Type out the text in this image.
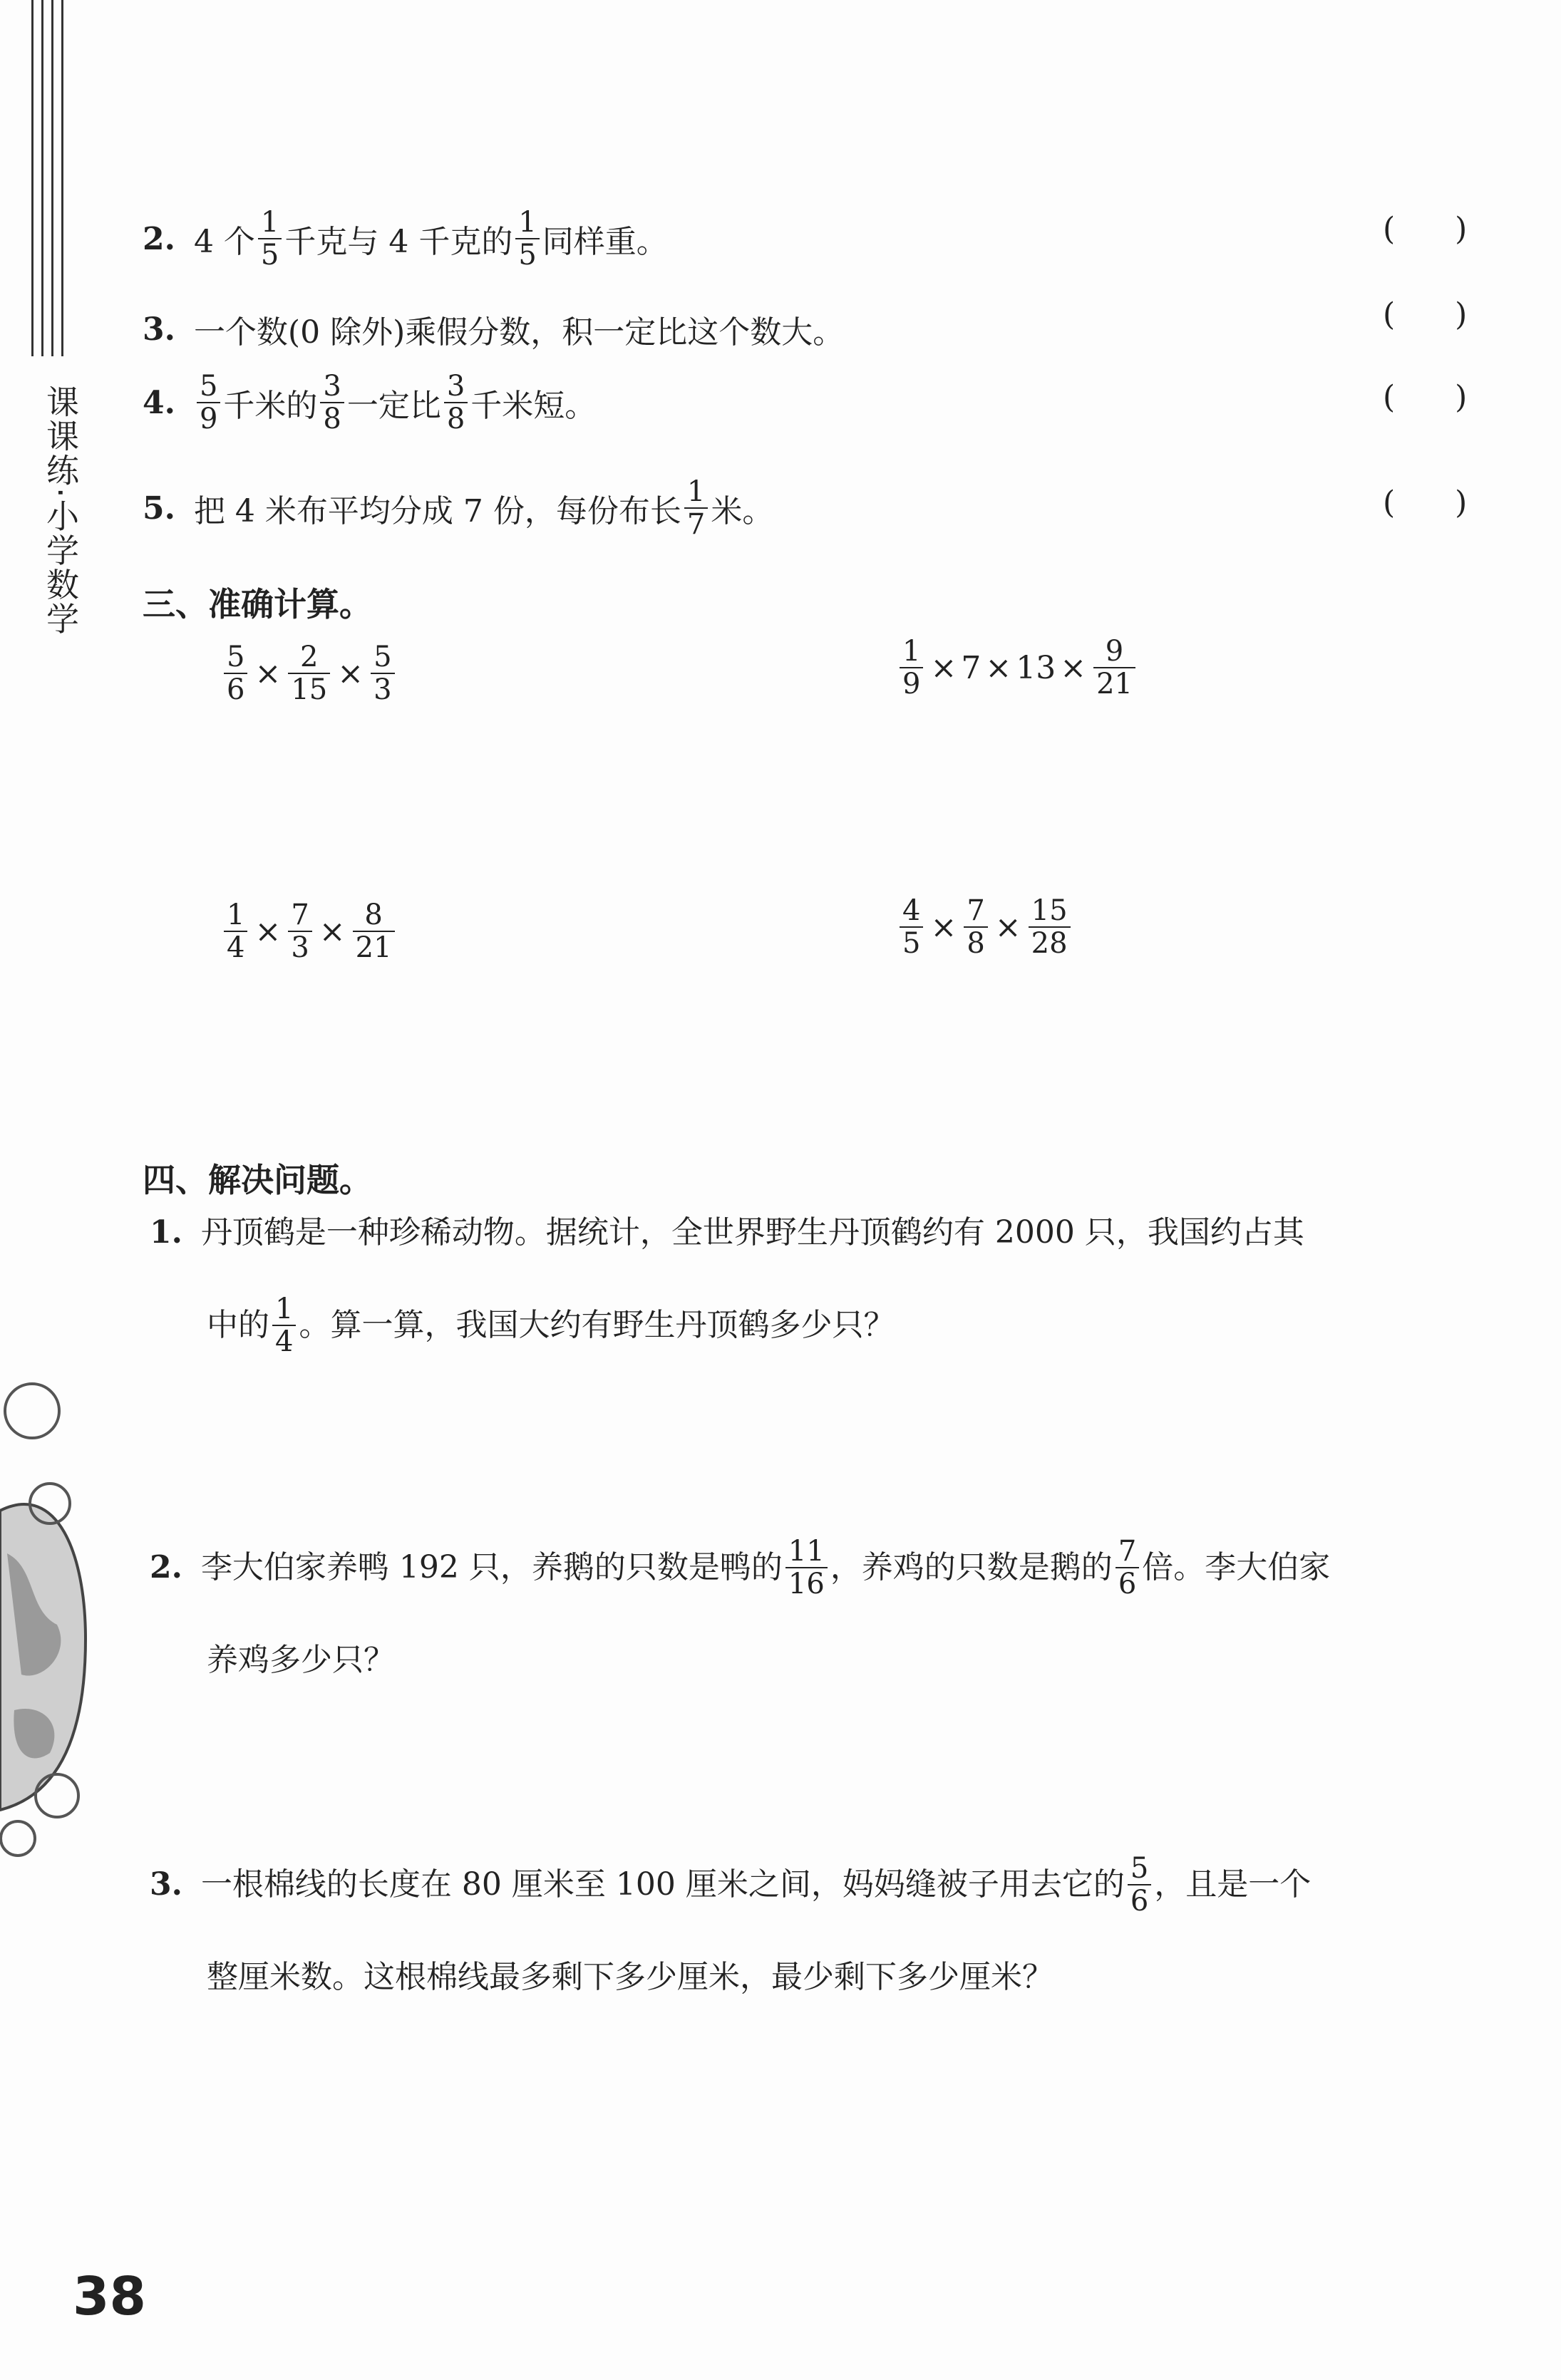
课课练·小学数学
2. 4 个 $\frac{1}{5}$ 千克与 4 千克的 $\frac{1}{5}$ 同样重。	(      )
3. 一个数(0 除外)乘假分数，积一定比这个数大。	(      )
4. $\frac{5}{9}$ 千米的 $\frac{3}{8}$ 一定比 $\frac{3}{8}$ 千米短。	(      )
5. 把 4 米布平均分成 7 份，每份布长 $\frac{1}{7}$ 米。	(      )
三、准确计算。
$\frac{5}{6} \times \frac{2}{15} \times \frac{5}{3}$	$\frac{1}{9} \times 7 \times 13 \times \frac{9}{21}$
$\frac{1}{4} \times \frac{7}{3} \times \frac{8}{21}$	$\frac{4}{5} \times \frac{7}{8} \times \frac{15}{28}$
四、解决问题。
1. 丹顶鹤是一种珍稀动物。据统计，全世界野生丹顶鹤约有 2000 只，我国约占其
中的 $\frac{1}{4}$ 。算一算，我国大约有野生丹顶鹤多少只？
2. 李大伯家养鸭 192 只，养鹅的只数是鸭的 $\frac{11}{16}$ ，养鸡的只数是鹅的 $\frac{7}{6}$ 倍。李大伯家
养鸡多少只？
3. 一根棉线的长度在 80 厘米至 100 厘米之间，妈妈缝被子用去它的 $\frac{5}{6}$ ，且是一个
整厘米数。这根棉线最多剩下多少厘米，最少剩下多少厘米？
38
